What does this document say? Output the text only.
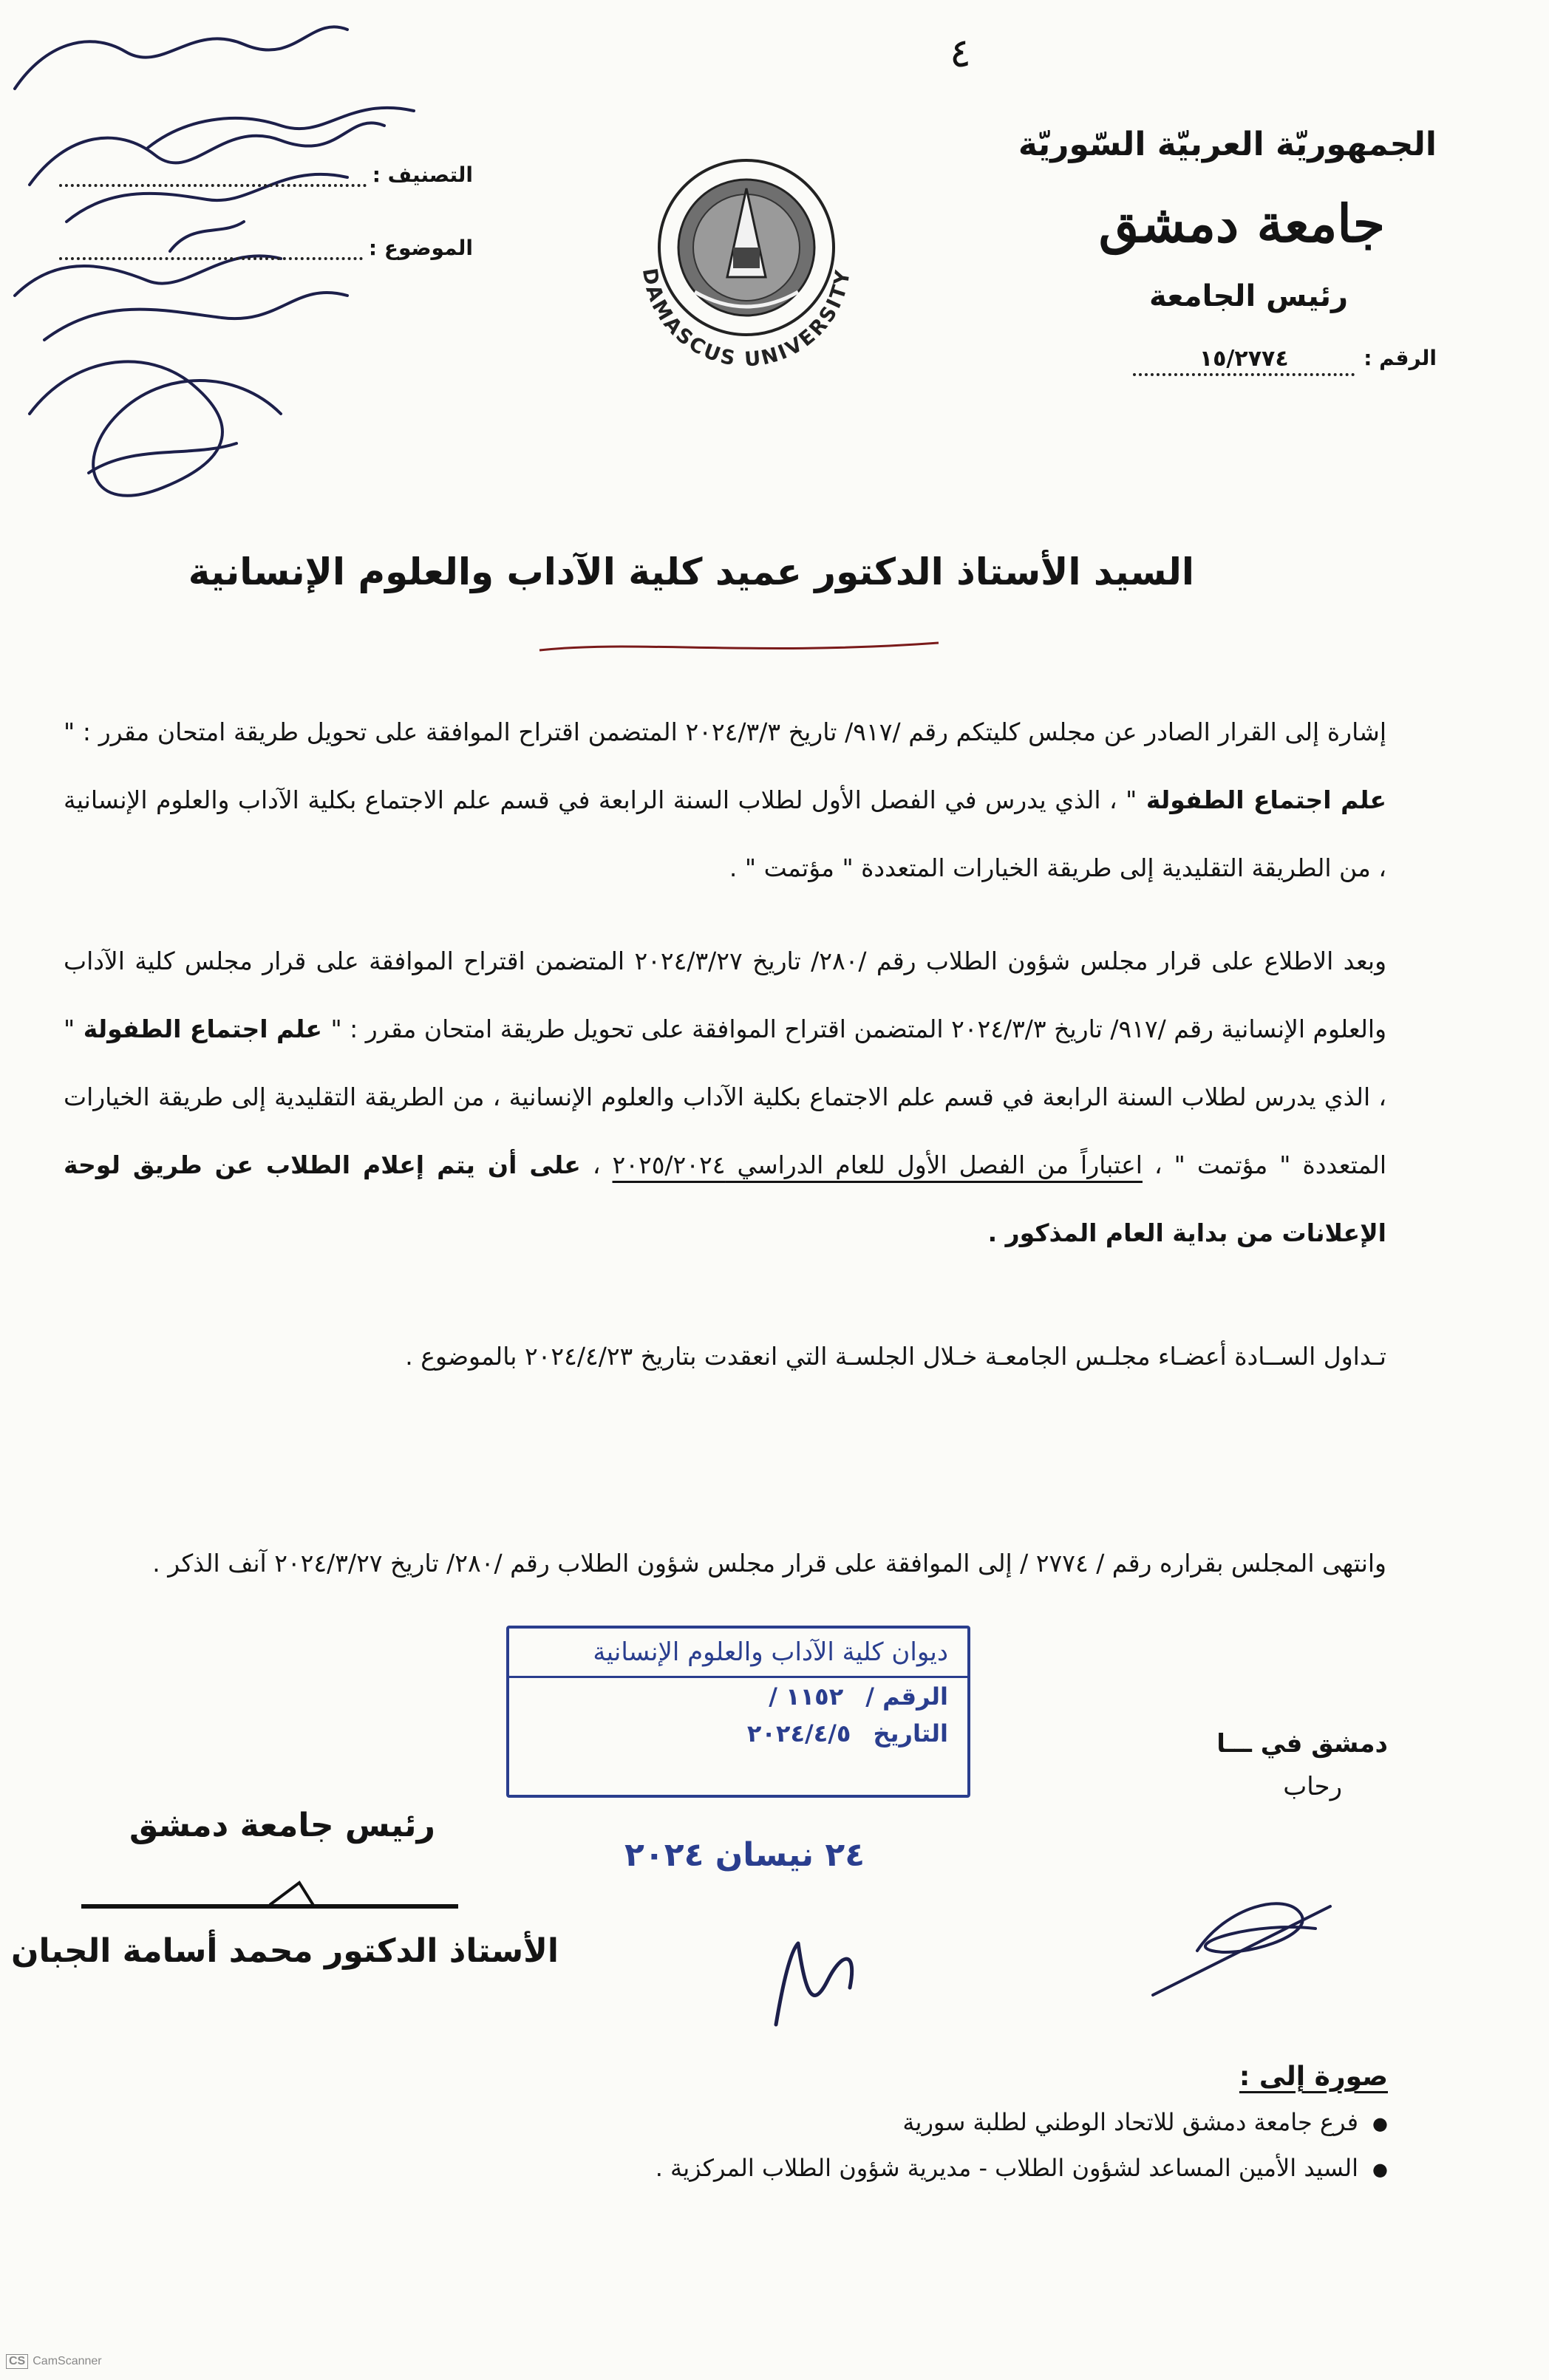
٤
التصنيف :
الموضوع :
DAMASCUS UNIVERSITY
الجمهوريّة العربيّة السّوريّة
جامعة دمشق
رئيس الجامعة
الرقم :
١٥/٢٧٧٤
السيد الأستاذ الدكتور عميد كلية الآداب والعلوم الإنسانية
إشارة إلى القرار الصادر عن مجلس كليتكم رقم /٩١٧/ تاريخ ٢٠٢٤/٣/٣ المتضمن اقتراح الموافقة على تحويل طريقة امتحان مقرر : " علم اجتماع الطفولة " ، الذي يدرس في الفصل الأول لطلاب السنة الرابعة في قسم علم الاجتماع بكلية الآداب والعلوم الإنسانية ، من الطريقة التقليدية إلى طريقة الخيارات المتعددة " مؤتمت " .
وبعد الاطلاع على قرار مجلس شؤون الطلاب رقم /٢٨٠/ تاريخ ٢٠٢٤/٣/٢٧ المتضمن اقتراح الموافقة على قرار مجلس كلية الآداب والعلوم الإنسانية رقم /٩١٧/ تاريخ ٢٠٢٤/٣/٣ المتضمن اقتراح الموافقة على تحويل طريقة امتحان مقرر : " علم اجتماع الطفولة " ، الذي يدرس لطلاب السنة الرابعة في قسم علم الاجتماع بكلية الآداب والعلوم الإنسانية ، من الطريقة التقليدية إلى طريقة الخيارات المتعددة " مؤتمت " ، اعتباراً من الفصل الأول للعام الدراسي ٢٠٢٥/٢٠٢٤ ، على أن يتم إعلام الطلاب عن طريق لوحة الإعلانات من بداية العام المذكور .
تـداول الســادة أعضـاء مجلـس الجامعـة خـلال الجلسـة التي انعقدت بتاريخ ٢٠٢٤/٤/٢٣ بالموضوع .
وانتهى المجلس بقراره رقم / ٢٧٧٤ / إلى الموافقة على قرار مجلس شؤون الطلاب رقم /٢٨٠/ تاريخ ٢٠٢٤/٣/٢٧ آنف الذكر .
ديوان كلية الآداب والعلوم الإنسانية
الرقم /
١١٥٢ /
التاريخ
٢٠٢٤/٤/٥	دمشق في ـــا
رحاب
رئيس جامعة دمشق
الأستاذ الدكتور محمد أسامة الجبان
٢٤ نيسان ٢٠٢٤
صورة إلى :
● فرع جامعة دمشق للاتحاد الوطني لطلبة سورية
● السيد الأمين المساعد لشؤون الطلاب - مديرية شؤون الطلاب المركزية .
CS CamScanner
